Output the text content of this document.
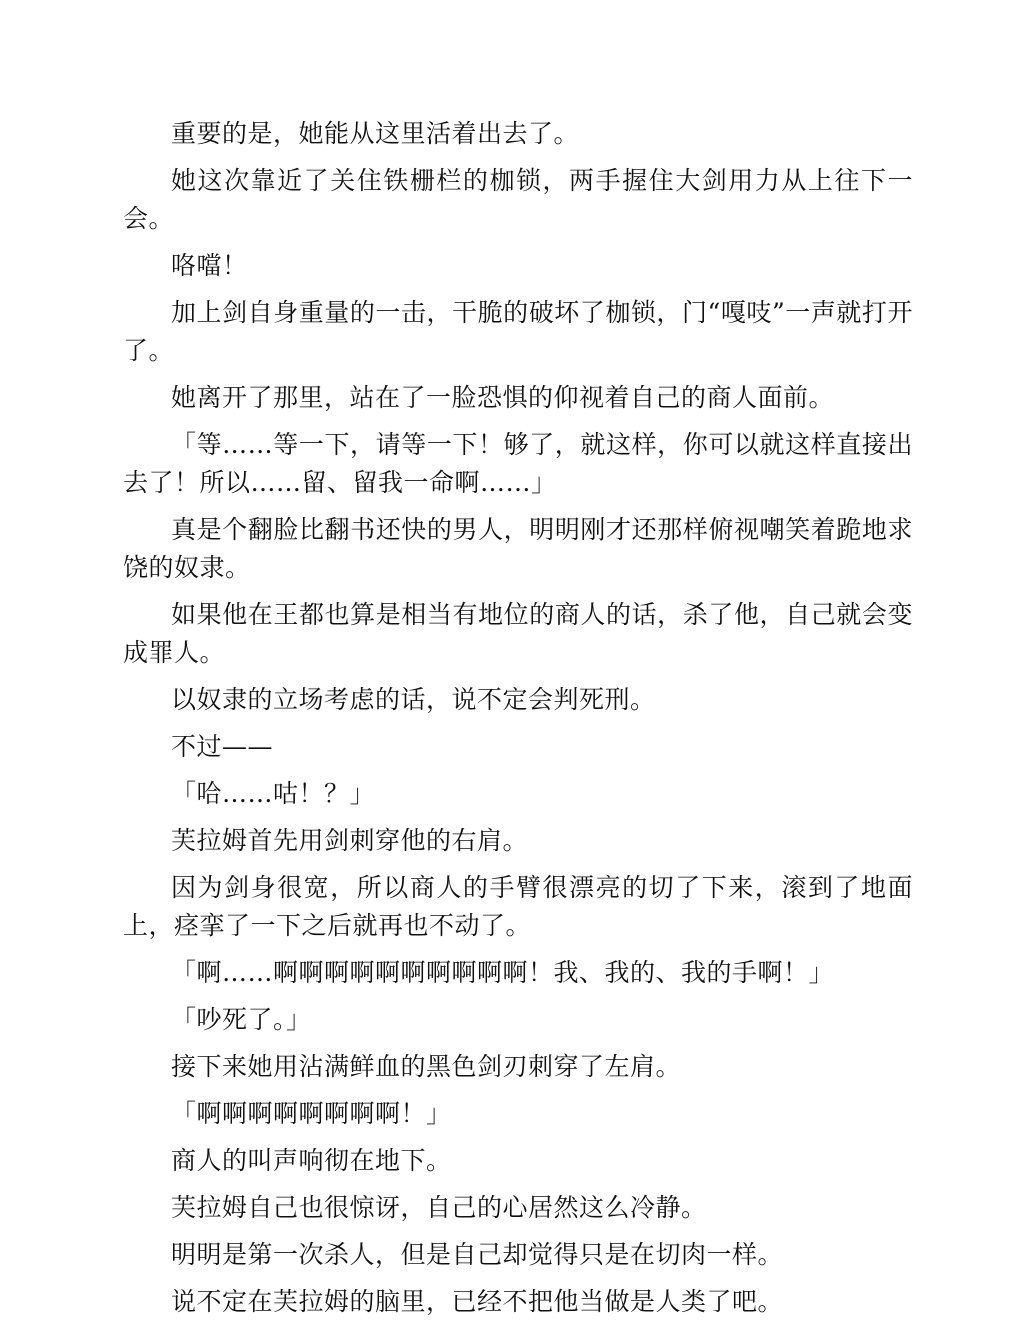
重要的是，她能从这里活着出去了。

她这次靠近了关住铁栅栏的枷锁，两手握住大剑用力从上往下一会。

咯噹！

加上剑自身重量的一击，干脆的破坏了枷锁，门“嘎吱”一声就打开了。

她离开了那里，站在了一脸恐惧的仰视着自己的商人面前。

「等……等一下，请等一下！够了，就这样，你可以就这样直接出去了！所以……留、留我一命啊……」

真是个翻脸比翻书还快的男人，明明刚才还那样俯视嘲笑着跪地求饶的奴隶。

如果他在王都也算是相当有地位的商人的话，杀了他，自己就会变成罪人。

以奴隶的立场考虑的话，说不定会判死刑。

不过——

「哈……咕！？」

芙拉姆首先用剑刺穿他的右肩。

因为剑身很宽，所以商人的手臂很漂亮的切了下来，滚到了地面上，痉挛了一下之后就再也不动了。

「啊……啊啊啊啊啊啊啊啊啊啊！我、我的、我的手啊！」

「吵死了。」

接下来她用沾满鲜血的黑色剑刃刺穿了左肩。

「啊啊啊啊啊啊啊啊！」

商人的叫声响彻在地下。

芙拉姆自己也很惊讶，自己的心居然这么冷静。

明明是第一次杀人，但是自己却觉得只是在切肉一样。

说不定在芙拉姆的脑里，已经不把他当做是人类了吧。
